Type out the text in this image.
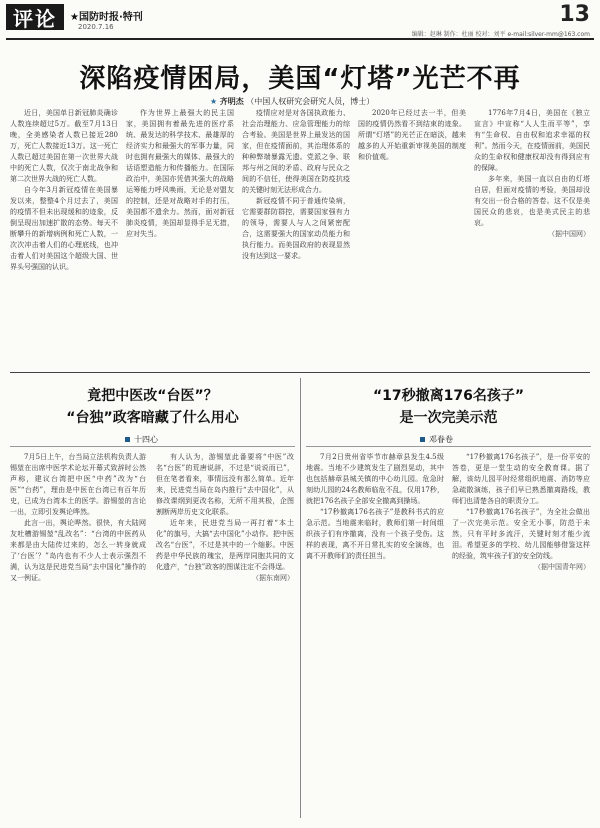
评论	★国防时报·特刊
2020.7.16	13
编辑：赵琳 制作：杜丽 校对：刘平 e-mail:silver-mm@163.com
深陷疫情困局，美国“灯塔”光芒不再
★ 齐明杰 （中国人权研究会研究人员，博士）

近日，美国单日新冠肺炎确诊人数连续超过5万。截至7月13日晚，全美感染者人数已接近280万，死亡人数接近13万。这一死亡人数已超过美国在第一次世界大战中的死亡人数，仅次于南北战争和第二次世界大战的死亡人数。

自今年3月新冠疫情在美国暴发以来，整整4个月过去了，美国的疫情不但未出现缓和的迹象，反倒呈现出加速扩散的态势。每天不断攀升的新增病例和死亡人数，一次次冲击着人们的心理底线，也冲击着人们对美国这个超级大国、世界头号强国的认识。

作为世界上最强大的民主国家，美国拥有着最先进的医疗系统、最发达的科学技术、最雄厚的经济实力和最强大的军事力量，同时也拥有最强大的媒体、最强大的话语塑造能力和传播能力。在国际政治中，美国亦凭借其强大的战略运筹能力呼风唤雨，无论是对盟友的控制，还是对战略对手的打压，美国都不遗余力。然而，面对新冠肺炎疫情，美国却显得手足无措，应对失当。

疫情应对是对各国执政能力、社会治理能力、应急管理能力的综合考验。美国是世界上最发达的国家，但在疫情面前，其治理体系的种种弊端暴露无遗。党派之争、联邦与州之间的矛盾、政府与民众之间的不信任，使得美国在防疫抗疫的关键时刻无法形成合力。

新冠疫情不同于普通传染病，它需要群防群控，需要国家强有力的领导，需要人与人之间紧密配合，这需要强大的国家动员能力和执行能力。而美国政府的表现显然没有达到这一要求。

2020年已经过去一半，但美国的疫情仍然看不到结束的迹象。所谓“灯塔”的光芒正在暗淡，越来越多的人开始重新审视美国的制度和价值观。

1776年7月4日，美国在《独立宣言》中宣称“人人生而平等”，享有“生命权、自由权和追求幸福的权利”。然而今天，在疫情面前，美国民众的生命权和健康权却没有得到应有的保障。

多年来，美国一直以自由的灯塔自居，但面对疫情的考验，美国却没有交出一份合格的答卷。这不仅是美国民众的悲哀，也是美式民主的悲哀。

（据中国网）

竟把中医改“台医”？
“台独”政客暗藏了什么用心
十四心

7月5日上午，台当局立法机构负责人游锡堃在出席中医学术论坛开幕式致辞时公然声称，建议台湾把中医“中药”改为“台医”“台药”，理由是中医在台湾已有百年历史，已成为台湾本土的医学。游锡堃的言论一出，立即引发舆论哗然。

此言一出，舆论哗然。很快，有大陆网友吐槽游锡堃“乱改名”：“台湾的中医药从来都是由大陆传过来的，怎么一转身就成了‘台医’？”岛内也有不少人士表示强烈不满，认为这是民进党当局“去中国化”操作的又一例证。

有人认为，游锡堃此番要将“中医”改名“台医”的荒唐说辞，不过是“说说而已”，但在笔者看来，事情远没有那么简单。近年来，民进党当局在岛内推行“去中国化”，从修改课纲到更改名称，无所不用其极，企图割断两岸历史文化联系。

近年来，民进党当局一再打着“本土化”的旗号，大搞“去中国化”小动作。把中医改名“台医”，不过是其中的一个缩影。中医药是中华民族的瑰宝，是两岸同胞共同的文化遗产，“台独”政客的图谋注定不会得逞。

（据东南网）

“17秒撤离176名孩子”
是一次完美示范
邓眷卷

7月2日贵州省毕节市赫章县发生4.5级地震。当地不少建筑发生了剧烈晃动，其中也包括赫章县城关镇的中心幼儿园。危急时刻幼儿园的24名教师临危不乱，仅用17秒，就把176名孩子全部安全撤离到操场。

“17秒撤离176名孩子”是教科书式的应急示范。当地震来临时，教师们第一时间组织孩子们有序撤离，没有一个孩子受伤。这样的表现，离不开日常扎实的安全演练，也离不开教师们的责任担当。

“17秒撤离176名孩子”，是一份平安的答卷，更是一堂生动的安全教育课。据了解，该幼儿园平时经常组织地震、消防等应急疏散演练，孩子们早已熟悉撤离路线，教师们也清楚各自的职责分工。

“17秒撤离176名孩子”，为全社会做出了一次完美示范。安全无小事，防范于未然，只有平时多流汗，关键时刻才能少流泪。希望更多的学校、幼儿园能够借鉴这样的经验，筑牢孩子们的安全防线。

（据中国青年网）
